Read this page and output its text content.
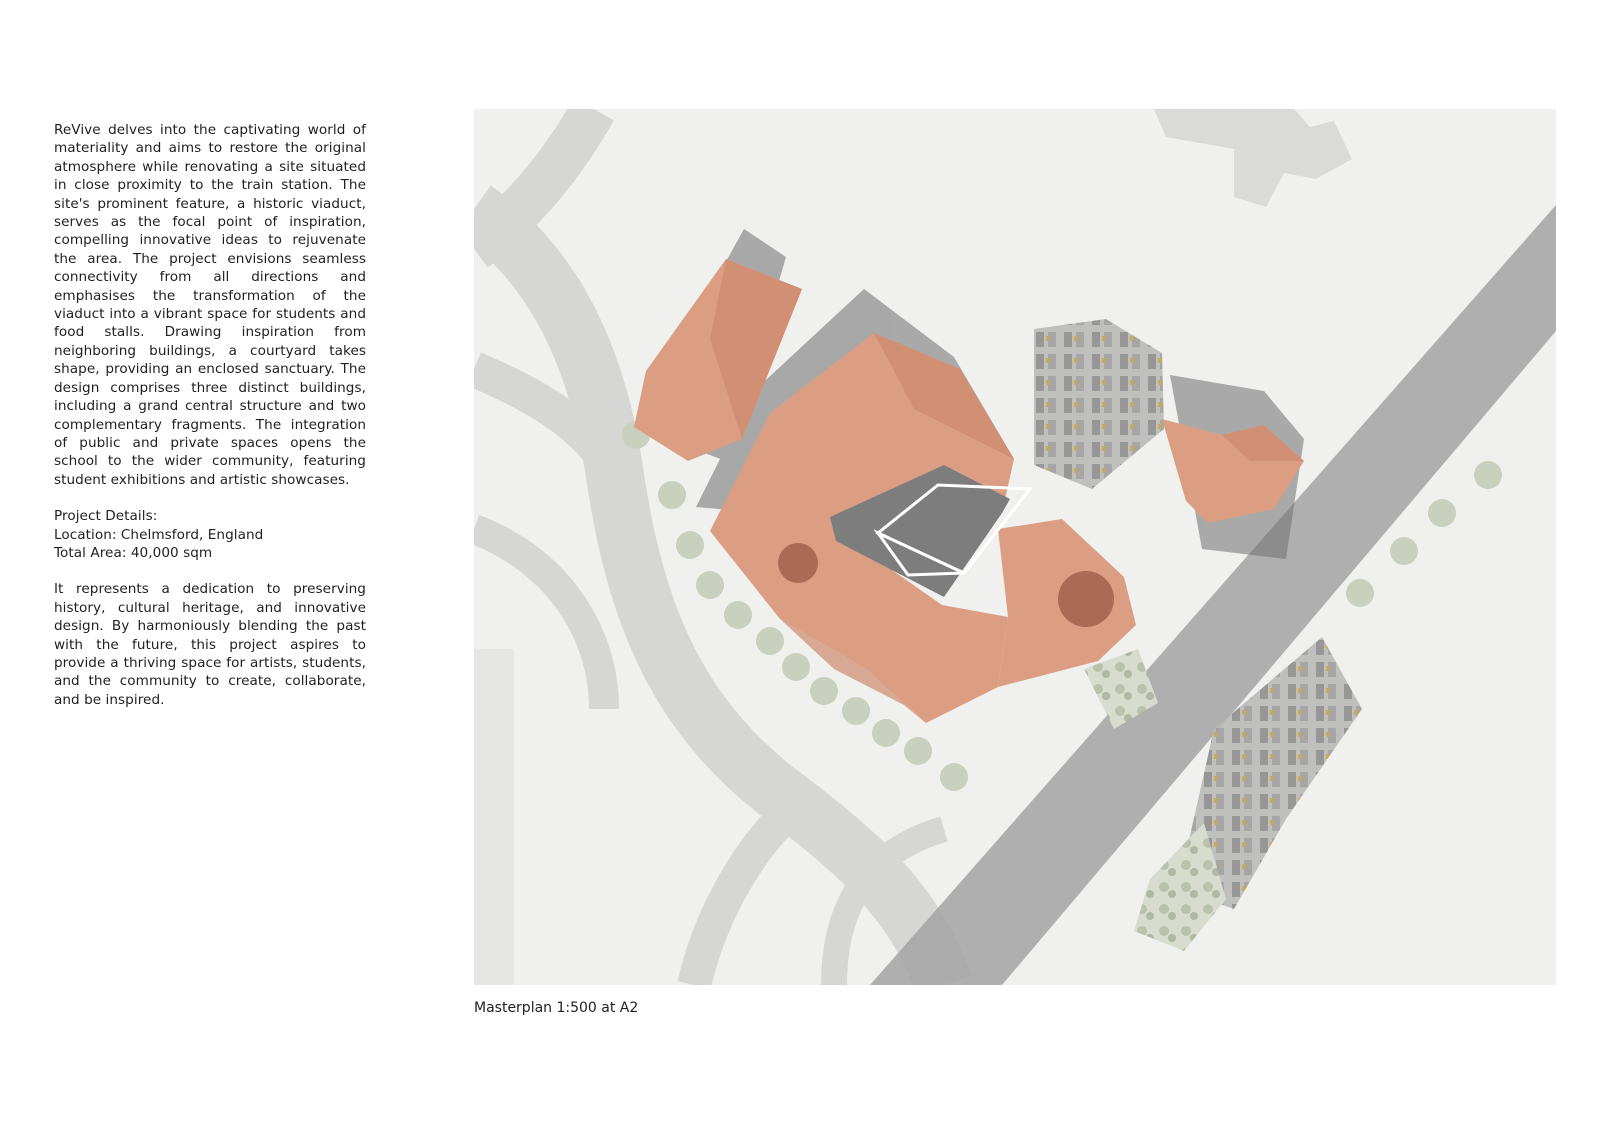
ReVive delves into the captivating world of materiality and aims to restore the original atmosphere while renovating a site situated in close proximity to the train station. The site's prominent feature, a historic viaduct, serves as the focal point of inspiration, compelling innovative ideas to rejuvenate the area. The project envisions seamless connectivity from all directions and emphasises the transformation of the viaduct into a vibrant space for students and food stalls. Drawing inspiration from neighboring buildings, a courtyard takes shape, providing an enclosed sanctuary. The design comprises three distinct buildings, including a grand central structure and two complementary fragments. The integration of public and private spaces opens the school to the wider community, featuring student exhibitions and artistic showcases.

Project Details:
Location: Chelmsford, England
Total Area: 40,000 sqm

It represents a dedication to preserving history, cultural heritage, and innovative design. By harmoniously blending the past with the future, this project aspires to provide a thriving space for artists, students, and the community to create, collaborate, and be inspired.

Masterplan 1:500 at A2
